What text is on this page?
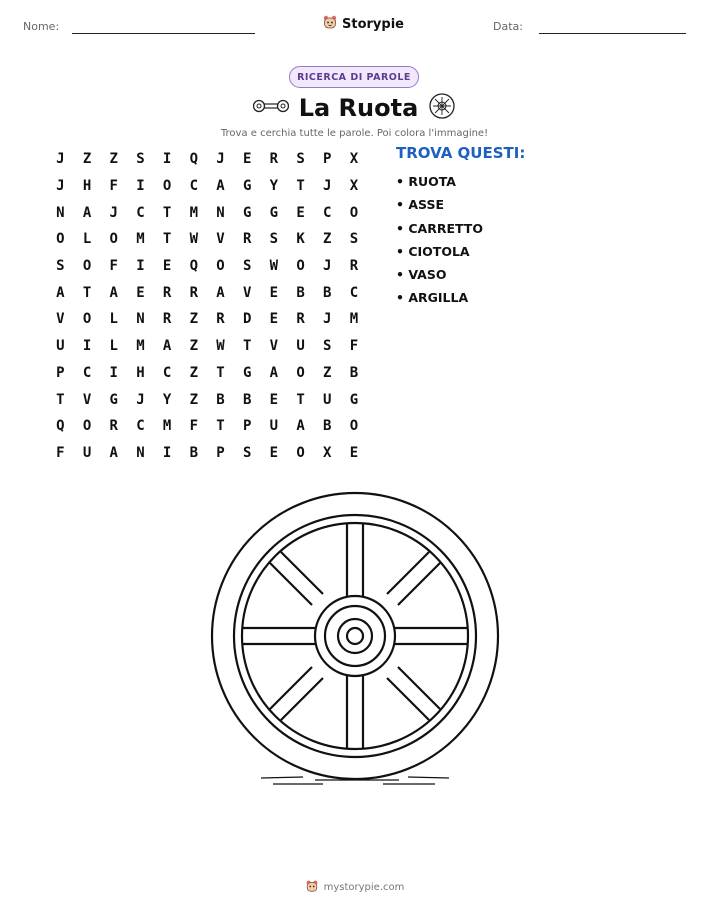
Nome:	Storypie	Data:
RICERCA DI PAROLE
La Ruota
Trova e cerchia tutte le parole. Poi colora l'immagine!
J	Z	Z	S	I	Q	J	E	R	S	P	X
J	H	F	I	O	C	A	G	Y	T	J	X
N	A	J	C	T	M	N	G	G	E	C	O
O	L	O	M	T	W	V	R	S	K	Z	S
S	O	F	I	E	Q	O	S	W	O	J	R
A	T	A	E	R	R	A	V	E	B	B	C
V	O	L	N	R	Z	R	D	E	R	J	M
U	I	L	M	A	Z	W	T	V	U	S	F
P	C	I	H	C	Z	T	G	A	O	Z	B
T	V	G	J	Y	Z	B	B	E	T	U	G
Q	O	R	C	M	F	T	P	U	A	B	O
F	U	A	N	I	B	P	S	E	O	X	E
TROVA QUESTI:
• RUOTA
• ASSE
• CARRETTO
• CIOTOLA
• VASO
• ARGILLA
mystorypie.com
